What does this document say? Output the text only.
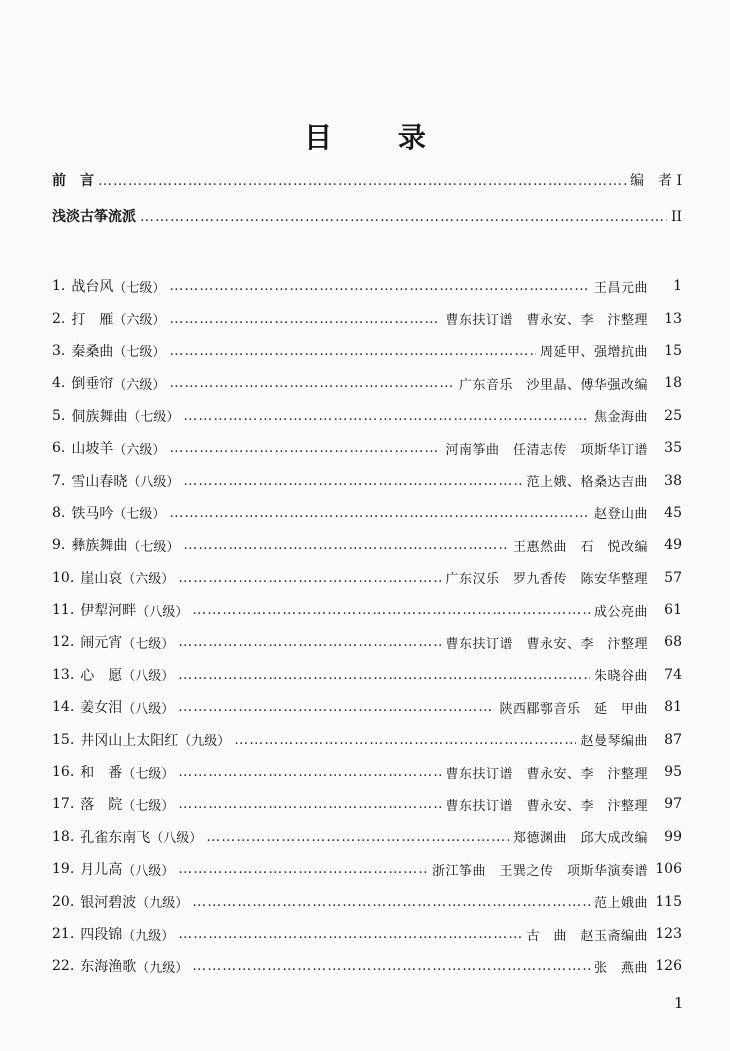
目 录
前　言 ………………………………………………………………………………………………………………………………………………………………………………………………	编　者 I
浅淡古筝流派 ………………………………………………………………………………………………………………………………………………………………………………………………	II
1. 战台风 （七级） ………………………………………………………………………………………………………………………………………………………………………………………………	王昌元曲	1
2. 打　雁 （六级） ………………………………………………………………………………………………………………………………………………………………………………………………	曹东扶订谱　曹永安、李　汴整理	13
3. 秦桑曲 （七级） ………………………………………………………………………………………………………………………………………………………………………………………………	周延甲、强增抗曲	15
4. 倒垂帘 （六级） ………………………………………………………………………………………………………………………………………………………………………………………………	广东音乐　沙里晶、傅华强改编	18
5. 侗族舞曲 （七级） ………………………………………………………………………………………………………………………………………………………………………………………………	焦金海曲	25
6. 山坡羊 （六级） ………………………………………………………………………………………………………………………………………………………………………………………………	河南筝曲　任清志传　项斯华订谱	35
7. 雪山春晓 （八级） ………………………………………………………………………………………………………………………………………………………………………………………………	范上娥、格桑达吉曲	38
8. 铁马吟 （七级） ………………………………………………………………………………………………………………………………………………………………………………………………	赵登山曲	45
9. 彝族舞曲 （七级） ………………………………………………………………………………………………………………………………………………………………………………………………	王惠然曲　石　悦改编	49
10. 崖山哀 （六级） ………………………………………………………………………………………………………………………………………………………………………………………………	广东汉乐　罗九香传　陈安华整理	57
11. 伊犁河畔 （八级） ………………………………………………………………………………………………………………………………………………………………………………………………	成公亮曲	61
12. 闹元宵 （七级） ………………………………………………………………………………………………………………………………………………………………………………………………	曹东扶订谱　曹永安、李　汴整理	68
13. 心　愿 （八级） ………………………………………………………………………………………………………………………………………………………………………………………………	朱晓谷曲	74
14. 姜女泪 （八级） ………………………………………………………………………………………………………………………………………………………………………………………………	陕西郿鄠音乐　延　甲曲	81
15. 井冈山上太阳红 （九级） ………………………………………………………………………………………………………………………………………………………………………………………………	赵曼琴编曲	87
16. 和　番 （七级） ………………………………………………………………………………………………………………………………………………………………………………………………	曹东扶订谱　曹永安、李　汴整理	95
17. 落　院 （七级） ………………………………………………………………………………………………………………………………………………………………………………………………	曹东扶订谱　曹永安、李　汴整理	97
18. 孔雀东南飞 （八级） ………………………………………………………………………………………………………………………………………………………………………………………………	郑德渊曲　邱大成改编	99
19. 月儿高 （八级） ………………………………………………………………………………………………………………………………………………………………………………………………	浙江筝曲　王巽之传　项斯华演奏谱 106
20. 银河碧波 （九级） ………………………………………………………………………………………………………………………………………………………………………………………………	范上娥曲 115
21. 四段锦 （九级） ………………………………………………………………………………………………………………………………………………………………………………………………	古　曲　赵玉斋编曲 123
22. 东海渔歌 （九级） ………………………………………………………………………………………………………………………………………………………………………………………………	张　燕曲 126
1
